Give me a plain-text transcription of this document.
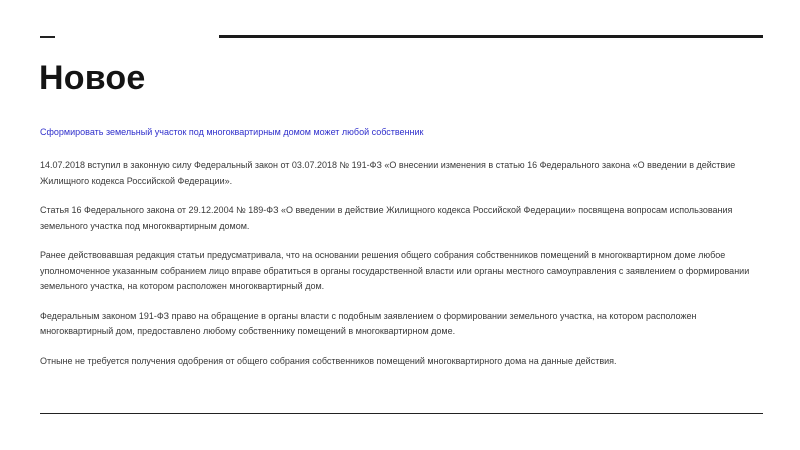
Новое

Сформировать земельный участок под многоквартирным домом может любой собственник

14.07.2018 вступил в законную силу Федеральный закон от 03.07.2018 № 191-ФЗ «О внесении изменения в статью 16 Федерального закона «О введении в действие Жилищного кодекса Российской Федерации».

Статья 16 Федерального закона от 29.12.2004 № 189-ФЗ «О введении в действие Жилищного кодекса Российской Федерации» посвящена вопросам использования земельного участка под многоквартирным домом.

Ранее действовавшая редакция статьи предусматривала, что на основании решения общего собрания собственников помещений в многоквартирном доме любое уполномоченное указанным собранием лицо вправе обратиться в органы государственной власти или органы местного самоуправления с заявлением о формировании земельного участка, на котором расположен многоквартирный дом.

Федеральным законом 191-ФЗ право на обращение в органы власти с подобным заявлением о формировании земельного участка, на котором расположен многоквартирный дом, предоставлено любому собственнику помещений в многоквартирном доме.

Отныне не требуется получения одобрения от общего собрания собственников помещений многоквартирного дома на данные действия.
